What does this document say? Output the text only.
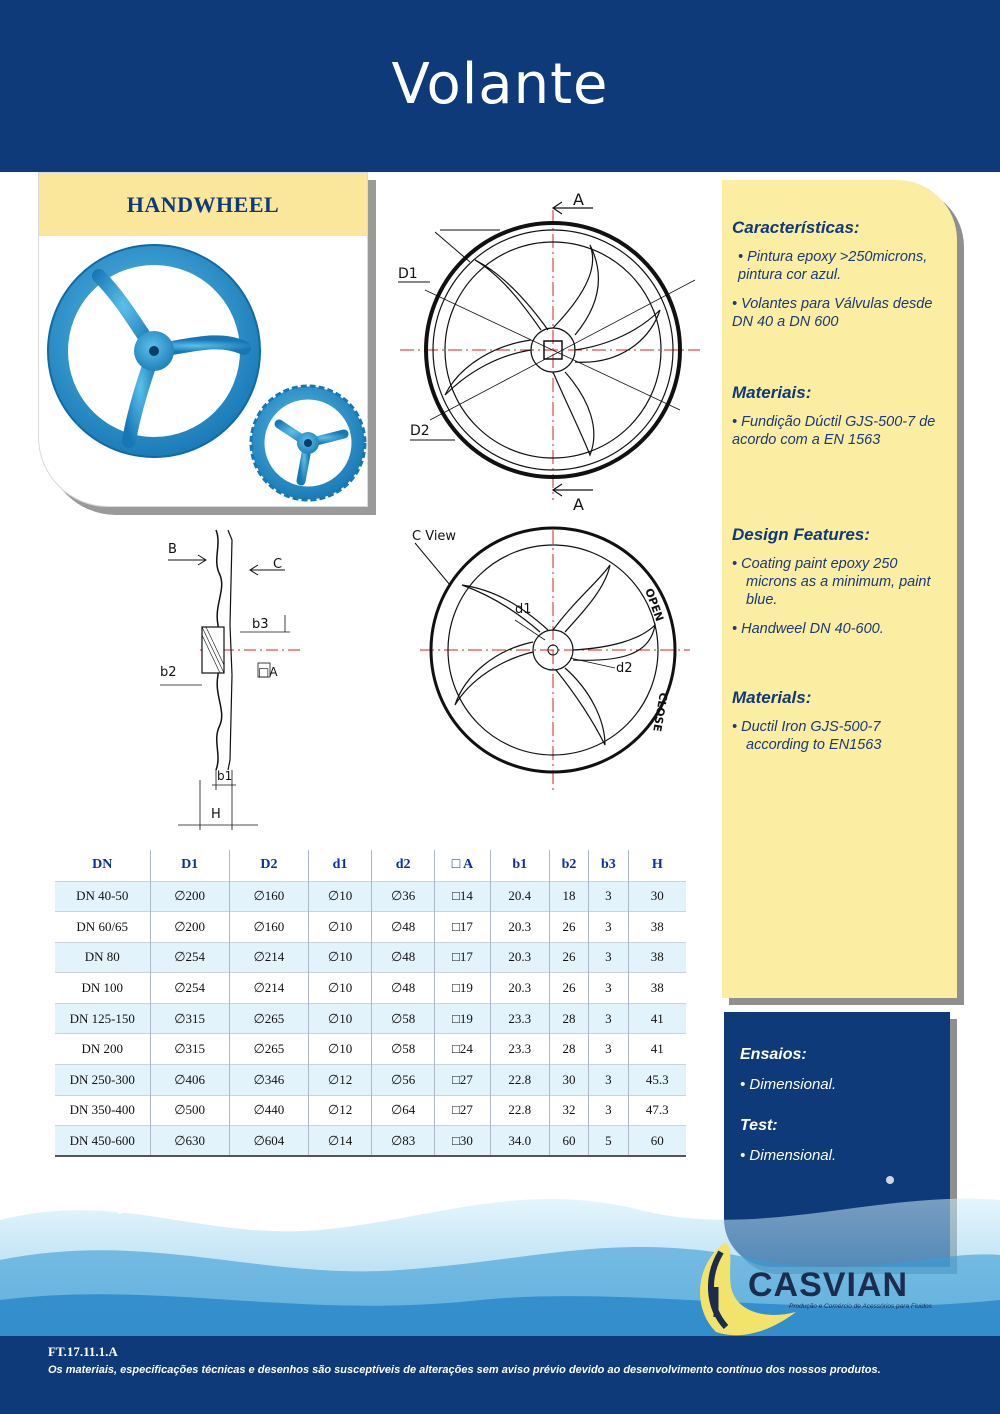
Volante
HANDWHEEL	A
A
D1
D2
B
C
b3
b2	□A
b1
H
C View
d1
d2
OPEN
CLOSE
Características:
• Pintura epoxy >250microns, pintura cor azul.
• Volantes para Válvulas desde DN 40 a DN 600
Materiais:
• Fundição Dúctil GJS-500-7 de acordo com a EN 1563
Design Features:
• Coating paint epoxy 250 microns as a minimum, paint blue.
• Handweel DN 40-600.
Materials:
• Ductil Iron GJS-500-7 according to EN1563
Ensaios:
• Dimensional.
Test:
• Dimensional.
DN	D1	D2	d1	d2	□ A	b1	b2	b3	H
DN 40-50	∅200	∅160	∅10	∅36	□14	20.4	18	3	30
DN 60/65	∅200	∅160	∅10	∅48	□17	20.3	26	3	38
DN 80	∅254	∅214	∅10	∅48	□17	20.3	26	3	38
DN 100	∅254	∅214	∅10	∅48	□19	20.3	26	3	38
DN 125-150	∅315	∅265	∅10	∅58	□19	23.3	28	3	41
DN 200	∅315	∅265	∅10	∅58	□24	23.3	28	3	41
DN 250-300	∅406	∅346	∅12	∅56	□27	22.8	30	3	45.3
DN 350-400	∅500	∅440	∅12	∅64	□27	22.8	32	3	47.3
DN 450-600	∅630	∅604	∅14	∅83	□30	34.0	60	5	60
CASVIAN
Produção e Comércio de Acessórios para Fluidos
FT.17.11.1.A
Os materiais, especificações técnicas e desenhos são susceptíveis de alterações sem aviso prévio devido ao desenvolvimento contínuo dos nossos produtos.
